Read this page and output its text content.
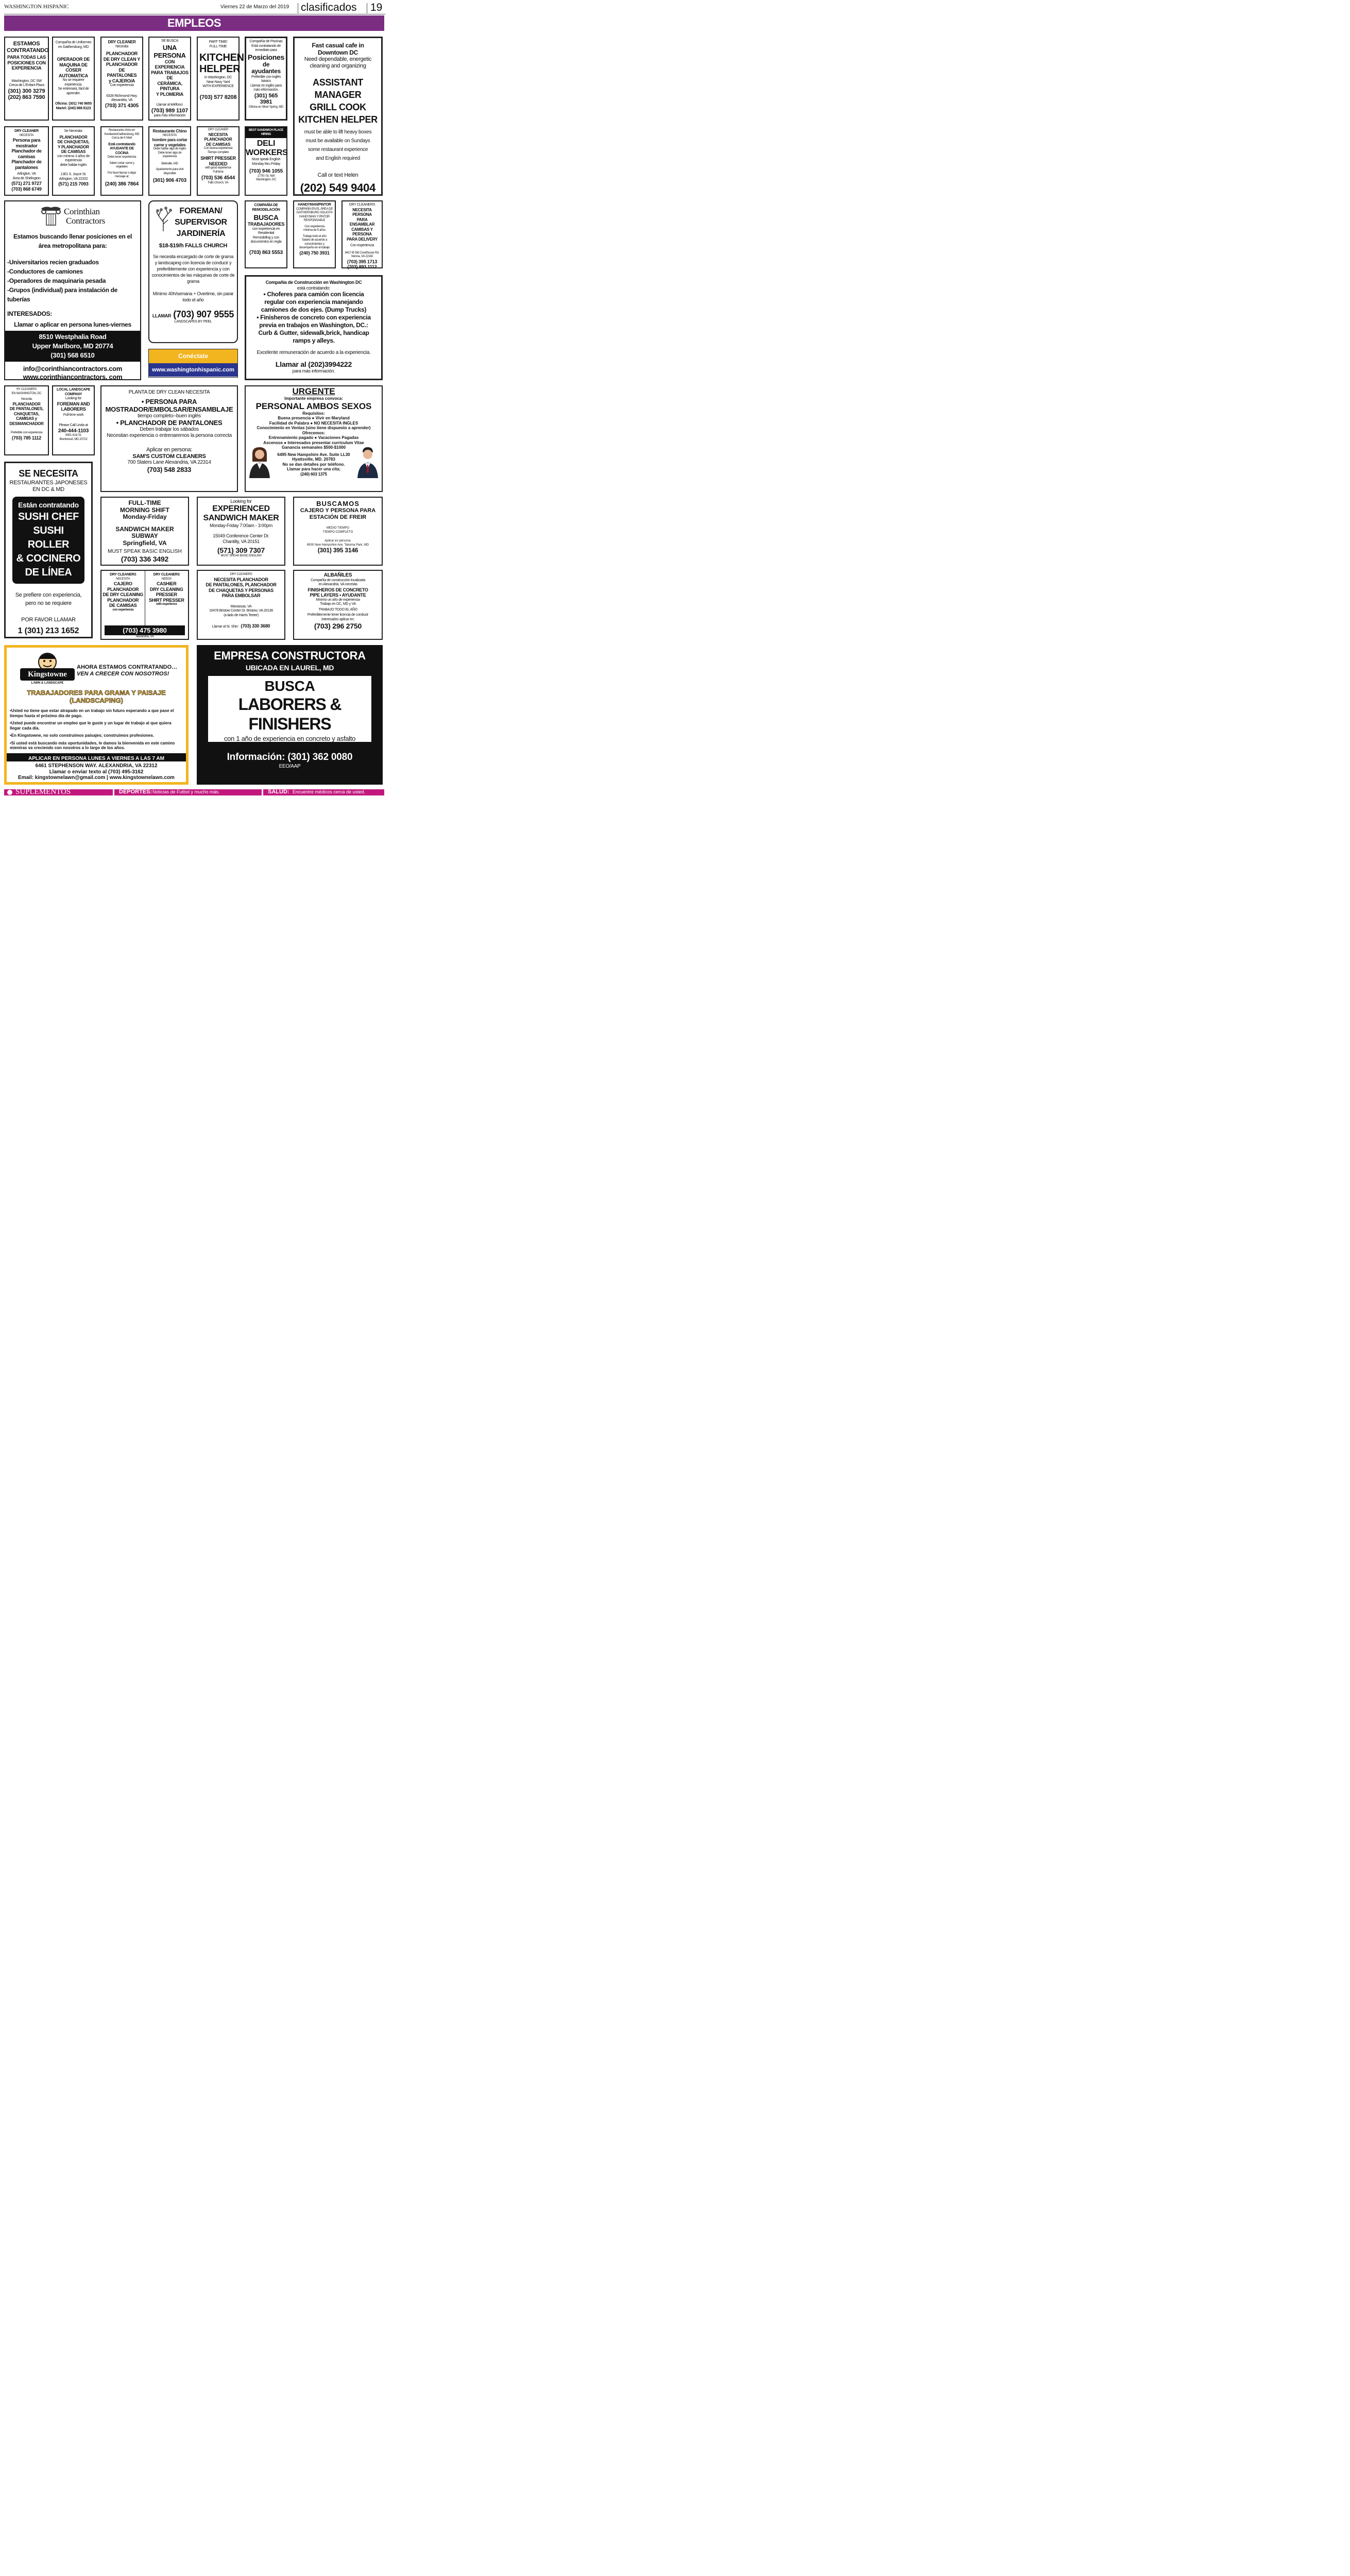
WASHINGTON HISPANIC	Viernes 22 de Marzo del 2019 clasificados 19
EMPLEOS
ESTAMOS
CONTRATANDO
PARA TODAS LAS
POSICIONES CON
EXPERIENCIA
Washington, DC SW
Cerca de L'Enfant Plaza
(301) 300 3279
(202) 863 7590
Compañía de Uniformes
en Gaithersburg, MD
OPERADOR DE
MAQUINA DE COSER
AUTOMATICA
No se requiere
experiencia.
Se entrenará, fácil de
aprender.
Oficina: (301) 740 9655
Mariel: (240) 888 8123
DRY CLEANER
Necesita
PLANCHADOR
DE DRY CLEAN Y
PLANCHADOR DE
PANTALONES
y CAJERO/A
Con experiencia
6328 Richmond Hwy.
Alexandria, VA
(703) 371 4305
SE BUSCA
UNA PERSONA
CON EXPERIENCIA
PARA TRABAJOS DE
CERÁMICA, PINTURA
Y PLOMERIA
Llamar al teléfono:
(703) 989 1107
para más información
PART-TIME/
FULL-TIME
KITCHEN
HELPER
In Washington, DC
Near Navy Yard
WITH EXPERIENCE
(703) 577 8208
Compañía de Piscinas
Está contratando de
inmediato para
Posiciones
de ayudantes
Preferible con inglés
básico
Llamar en inglés para
más información.
(301) 565 3981
Oficina en Silver Spring, MD
Fast casual cafe in Downtown DC
Need dependable, energetic
cleaning and organizing
ASSISTANT MANAGER
GRILL COOK
KITCHEN HELPER
must be able to lift heavy boxes
must be available on Sundays
some restaurant experience
and English required
Call or text Helen
(202) 549 9404
DRY CLEANER
NECESITA
Persona para
mostrador
Planchador de
camisas
Planchador de
pantalones
Arlington, VA
Área de Shirlington
(571) 271 9727
(703) 868 6749
Se Necesita:
PLANCHADOR
DE CHAQUETAS,
Y PLANCHADOR
DE CAMISAS
con mínimo 3 años de
experiencia
debe hablar inglés
1301 S. Joyce St.
Arlington, VA 22202
(571) 215 7093
Restaurante chino en
Kentlands/Gaithersburg, MD
Cerca de K Mart
Está contratando
AYUDANTE DE COCINA
Debe tener experiencia
Saber cortar carne y
vegetales
Por favor llamar o dejar
mensaje al:
(240) 386 7864
Restaurante Chino
NECESITA
hombre para cortar
carne y vegetales
Debe hablar algo de inglés
Debe tener algo de
experiencia
Beltsville, MD
Apartamento para vivir
disponible
(301) 906 4703
DRY CLEANER
NECESITA
PLANCHADOR
DE CAMISAS
Con buena experiencia
Tiempo completo
SHIRT PRESSER
NEEDED
with good experience
Full-time
(703) 536 4544
Falls Church, VA
BEST SANDWICH PLACE
HIRING
DELI
WORKERS
Must speak English
Monday thru Friday
(703) 946 1055
1776 I St. NW
Washington, DC
Corinthian
Contractors
Estamos buscando llenar posiciones en el
área metropolitana para:
-Universitarios recien graduados
-Conductores de camiones
-Operadores de maquinaria pesada
-Grupos (individual) para instalación de tuberías
INTERESADOS:
Llamar o aplicar en persona lunes-viernes
8510 Westphalia Road
Upper Marlboro, MD 20774
(301) 568 6510
info@corinthiancontractors.com
www.corinthiancontractors. com
FOREMAN/
SUPERVISOR
JARDINERÍA
$18-$19/h FALLS CHURCH
Se necesita encargado de corte de grama
y landscaping con licencia de conducir y
preferiblemente con experiencia y con
conocimientos de las máquinas de corte de
grama
Mínimo 40h/semana + Overtime, sin parar
todo el año
LLAMAR (703) 907 9555
LANDSCAPES BY PEEL
Conéctate
www.washingtonhispanic.com
COMPAÑÍA DE
REMODELACIÓN
BUSCA
TRABAJADORES
con experiencia en
Residential
Remodeling y con
documentos en regla
(703) 863 5553
HANDYMAN/PINTOR
COMPAÑÍA EN EL ÁREA DE
GAITHERSBURG SOLICITA
HANDYMAN Y PINTOR
RESPONSABLE
Con experiencia
mínima de 5 años
Trabajo todo el año
Salario de acuerdo a
conocimientos y
desempeño en el trabajo
(240) 750 3931
DRY CLEANERS
NECESITA PERSONA
PARA ENSAMBLAR
CAMISAS Y PERSONA
PARA DELIVERY
Con experiencia
8417-B Old Courthouse Rd.
Vienna, VA 22182
(703) 395 1713
(703) 893 1112
Compañía de Construcción en Washington DC
está contratando:
• Choferes para camión con licencia
regular con experiencia manejando
camiones de dos ejes. (Dump Trucks)
• Finisheros de concreto con experiencia
previa en trabajos en Washington, DC.:
Curb & Gutter, sidewalk,brick, handicap
ramps y alleys.
Excelente remuneración de acuerdo a la experiencia.
Llamar al (202)3994222
para más información.
RY CLEANERS
EN WASHINGTON, DC
Necesita
PLANCHADOR
DE PANTALONES,
CHAQUETAS,
CAMISAS y
DESMANCHADOR
Preferible con experiencia
(703) 785 1112
LOCAL LANDSCAPE
COMPANY
Looking for
FOREMAN AND
LABORERS
Full-time work
Please Call Linda at
240-444-1103
4301 41st St.
Brentwood, MD 20722
PLANTA DE DRY CLEAN NECESITA
• PERSONA PARA
MOSTRADOR/EMBOLSAR/ENSAMBLAJE
tiempo completo--buen inglés
• PLANCHADOR DE PANTALONES
Deben trabajar los sábados
Necesitan experiencia o entrenaremos la persona correcta
Aplicar en persona:
SAM'S CUSTOM CLEANERS
700 Slaters Lane Alexandria, VA 22314
(703) 548 2833
URGENTE
Importante empresa convoca:
PERSONAL AMBOS SEXOS
Requisitos:
Buena presencia ● Vivir en Maryland
Facilidad de Palabra ● NO NECESITA INGLES
Conocimiento en Ventas (sino tiene dispuesto a aprender)
Ofrecemos:
Entrenamiento pagado ● Vacaciones Pagadas
Ascensos ● Interesados presentar curriculum Vitae
Ganancia semanales $500-$1000
6495 New Hampshire Ave. Suite LL30
Hyattsville, MD. 20783
No se dan detalles por teléfono.
Llamar para hacer una cita;
(240) 603 1375
SE NECESITA
RESTAURANTES JAPONESES
EN DC & MD
Están contratando
SUSHI CHEF
SUSHI ROLLER
& COCINERO
DE LÍNEA
Se prefiere con experiencia,
pero no se requiere
POR FAVOR LLAMAR
1 (301) 213 1652
FULL-TIME
MORNING SHIFT
Monday-Friday
SANDWICH MAKER
SUBWAY
Springfield, VA
MUST SPEAK BASIC ENGLISH
(703) 336 3492
Looking for
EXPERIENCED
SANDWICH MAKER
Monday-Friday 7:00am - 3:00pm
15049 Conference Center Dr.
Chantilly, VA 20151
(571) 309 7307
MUST SPEAK BASIC ENGLISH
BUSCAMOS
CAJERO Y PERSONA PARA
ESTACIÓN DE FREIR
MEDIO TIEMPO
TIEMPO COMPLETO
Aplicar en persona:
6500 New Hampshire Ave. Takoma Park, MD
(301) 395 3146
DRY CLEANERS
NECESITA
CAJERO
PLANCHADOR
DE DRY CLEANING
PLANCHADOR
DE CAMISAS
con experiencia
DRY CLEANERS
NEEDS
CASHIER
DRY CLEANING
PRESSER
SHIRT PRESSER
with experience
(703) 475 3980
Alexandria, VA
DRY CLEANERS
NECESITA PLANCHADOR
DE PANTALONES, PLANCHADOR
DE CHAQUETAS Y PERSONAS
PARA EMBOLSAR
Manassas, VA
10478 Bristow Center Dr. Bristow, VA 20136
(a lado de Harris Teeter)
Llamar al Sr. Shin: (703) 330 3680
ALBAÑILES
Compañía de construcción localizada
en Alexandria, VA necesita
FINISHEROS DE CONCRETO
PIPE LAYERS • AYUDANTE
Mínimo un año de experiencia
Trabajo en DC, MD y VA
TRABAJO TODO EL AÑO
Preferiblemente tener licencia de conducir
Interesados aplicar en:
(703) 296 2750
Kingstowne
LAWN & LANDSCAPE
AHORA ESTAMOS CONTRATANDO…
VEN A CRECER CON NOSOTROS!
TRABAJADORES PARA GRAMA Y PAISAJE
(LANDSCAPING)
•Usted no tiene que estar atrapado en un trabajo sin futuro esperando a que pase el tiempo hasta el próximo día de pago.
•Usted puede encontrar un empleo que le guste y un lugar de trabajo al que quiera llegar cada día.
•En Kingstowne, no solo construimos paisajes; construimos profesiones.
•Si usted está buscando más oportunidades, le damos la bienvenida en este camino mientras va creciendo con nosotros a lo largo de los años.
APLICAR EN PERSONA LUNES A VIERNES A LAS 7 AM
6461 STEPHENSON WAY. ALEXANDRIA, VA 22312
Llamar o enviar texto al (703) 495-3162
Email: kingstownelawn@gmail.com | www.kingstownelawn.com
EMPRESA CONSTRUCTORA
UBICADA EN LAUREL, MD
BUSCA
LABORERS & FINISHERS
con 1 año de experiencia en concreto y asfalto
de preferencia con licencia de conducir
Información: (301) 362 0080
EEO/AAP
SUPLEMENTOS	DEPORTES: Noticias de Futbol y mucho más.	SALUD: Encuentre médicos cerca de usted.
